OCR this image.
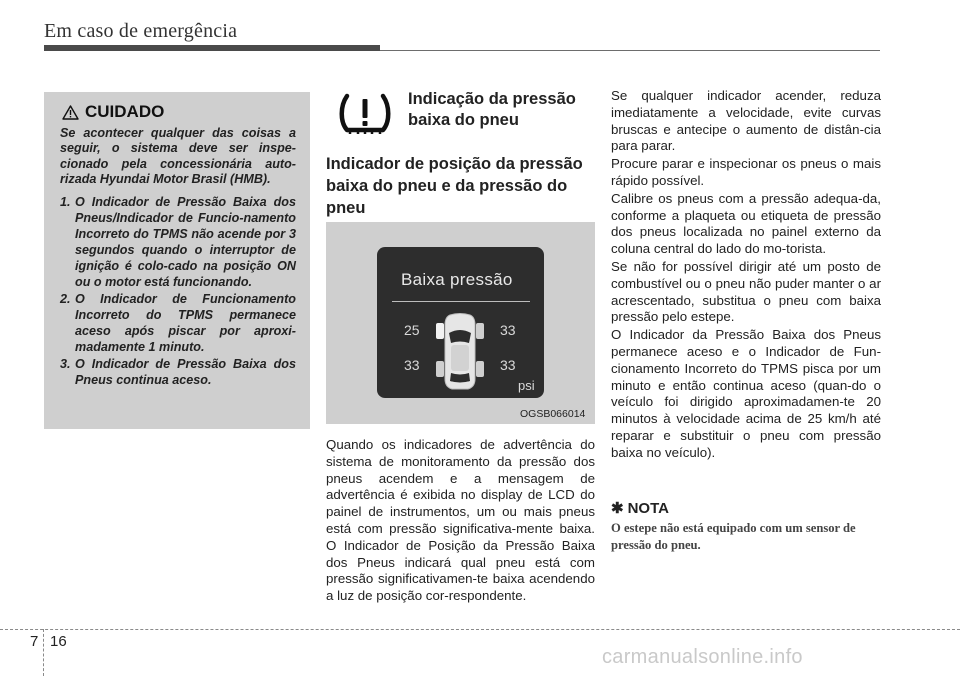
Em caso de emergência
CUIDADO
Se acontecer qualquer das coisas a seguir, o sistema deve ser inspe-cionado pela concessionária auto-rizada Hyundai Motor Brasil (HMB).
1. O Indicador de Pressão Baixa dos Pneus/Indicador de Funcio-namento Incorreto do TPMS não acende por 3 segundos quando o interruptor de ignição é colo-cado na posição ON ou o motor está funcionando.
2. O Indicador de Funcionamento Incorreto do TPMS permanece aceso após piscar por aproxi-madamente 1 minuto.
3. O Indicador de Pressão Baixa dos Pneus continua aceso.
Indicação da pressão baixa do pneu
Indicador de posição da pressão baixa do pneu e da pressão do pneu
Baixa pressão
25	33
33	33
psi
OGSB066014

Quando os indicadores de advertência do sistema de monitoramento da pressão dos pneus acendem e a mensagem de advertência é exibida no display de LCD do painel de instrumentos, um ou mais pneus está com pressão significativa-mente baixa. O Indicador de Posição da Pressão Baixa dos Pneus indicará qual pneu está com pressão significativamen-te baixa acendendo a luz de posição cor-respondente.

Se qualquer indicador acender, reduza imediatamente a velocidade, evite curvas bruscas e antecipe o aumento de distân-cia para parar.

Procure parar e inspecionar os pneus o mais rápido possível.

Calibre os pneus com a pressão adequa-da, conforme a plaqueta ou etiqueta de pressão dos pneus localizada no painel externo da coluna central do lado do mo-torista.

Se não for possível dirigir até um posto de combustível ou o pneu não puder manter o ar acrescentado, substitua o pneu com baixa pressão pelo estepe.

O Indicador da Pressão Baixa dos Pneus permanece aceso e o Indicador de Fun-cionamento Incorreto do TPMS pisca por um minuto e então continua aceso (quan-do o veículo foi dirigido aproximadamen-te 20 minutos à velocidade acima de 25 km/h até reparar e substituir o pneu com pressão baixa no veículo).

✱ NOTA
O estepe não está equipado com um sensor de pressão do pneu.
7 16
carmanualsonline.info
